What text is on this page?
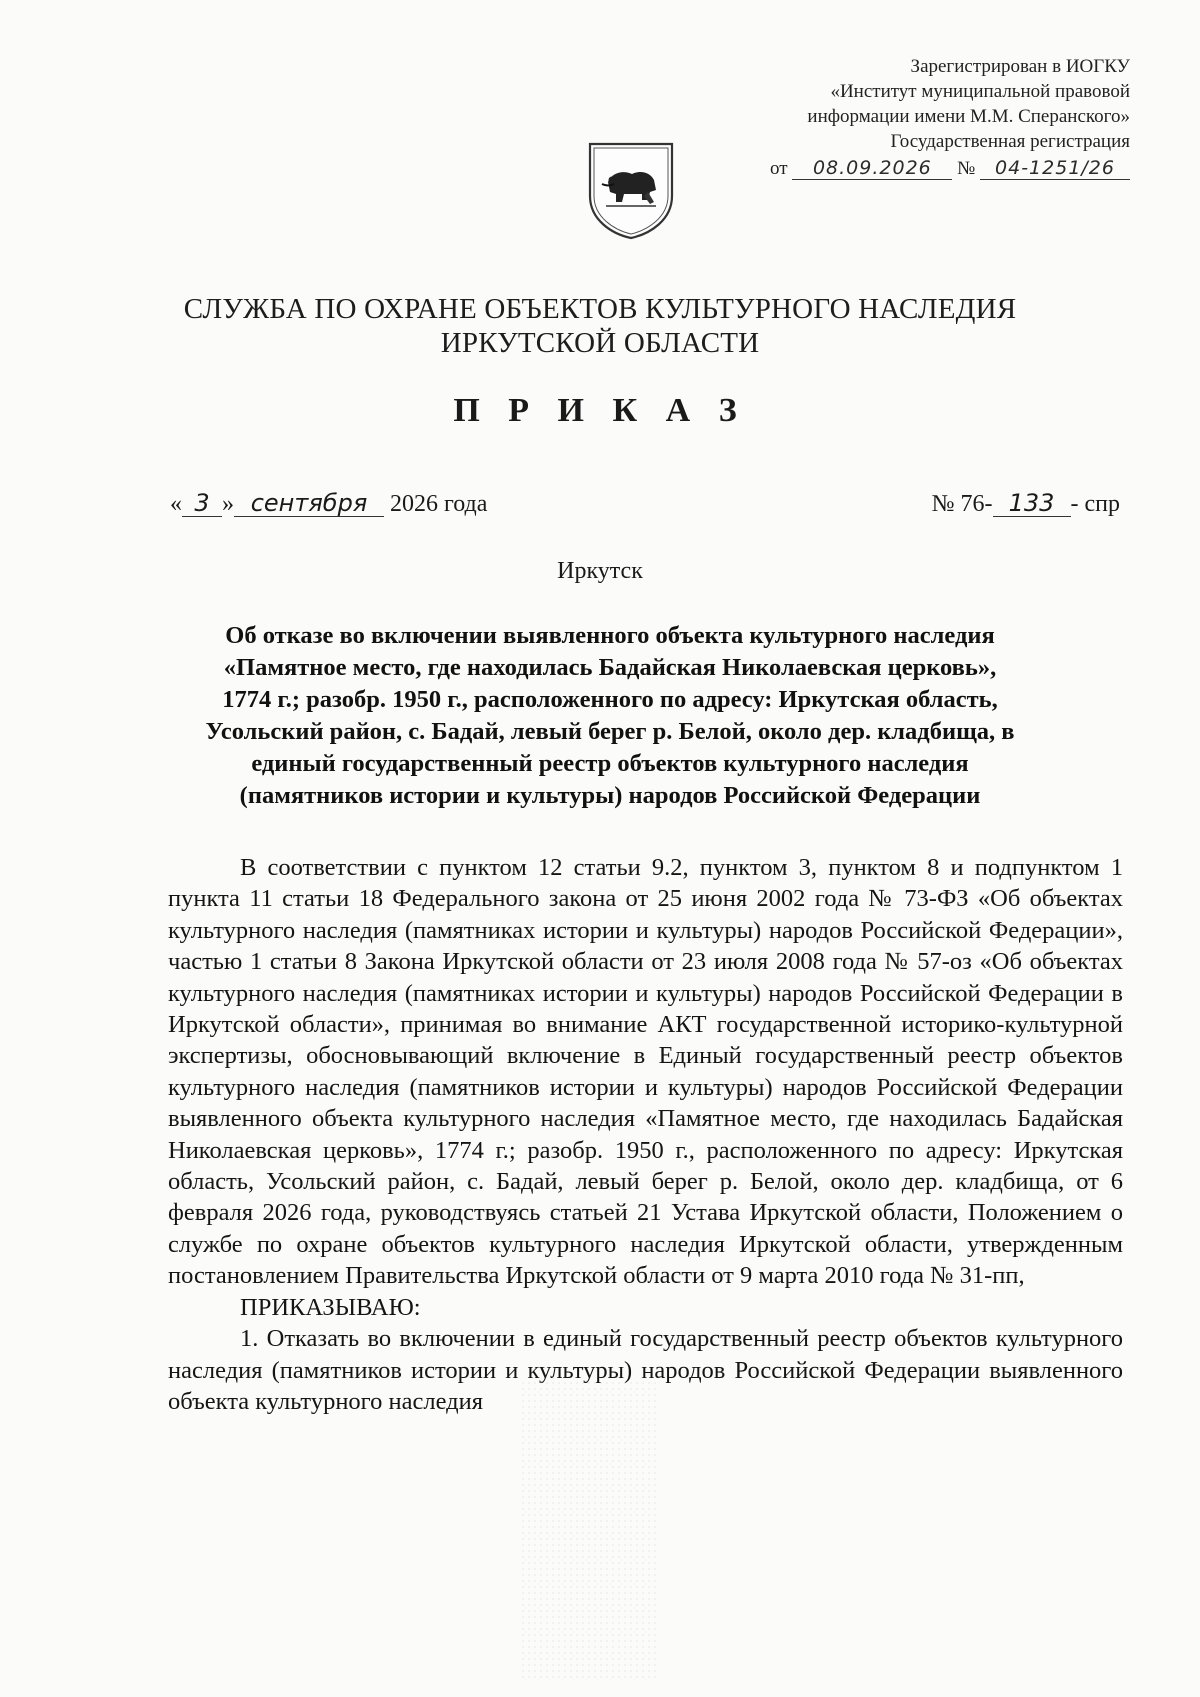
Зарегистрирован в ИОГКУ
«Институт муниципальной правовой
информации имени М.М. Сперанского»
Государственная регистрация
от 08.09.2026 № 04-1251/26
СЛУЖБА ПО ОХРАНЕ ОБЪЕКТОВ КУЛЬТУРНОГО НАСЛЕДИЯ
ИРКУТСКОЙ ОБЛАСТИ
П Р И К А З
« 3 » сентября 2026 года	№ 76- 133 - спр
Иркутск
Об отказе во включении выявленного объекта культурного наследия
«Памятное место, где находилась Бадайская Николаевская церковь»,
1774 г.; разобр. 1950 г., расположенного по адресу: Иркутская область,
Усольский район, с. Бадай, левый берег р. Белой, около дер. кладбища, в
единый государственный реестр объектов культурного наследия
(памятников истории и культуры) народов Российской Федерации

В соответствии с пунктом 12 статьи 9.2, пунктом 3, пунктом 8 и подпунктом 1 пункта 11 статьи 18 Федерального закона от 25 июня 2002 года № 73-ФЗ «Об объектах культурного наследия (памятниках истории и культуры) народов Российской Федерации», частью 1 статьи 8 Закона Иркутской области от 23 июля 2008 года № 57-оз «Об объектах культурного наследия (памятниках истории и культуры) народов Российской Федерации в Иркутской области», принимая во внимание АКТ государственной историко-культурной экспертизы, обосновывающий включение в Единый государственный реестр объектов культурного наследия (памятников истории и культуры) народов Российской Федерации выявленного объекта культурного наследия «Памятное место, где находилась Бадайская Николаевская церковь», 1774 г.; разобр. 1950 г., расположенного по адресу: Иркутская область, Усольский район, с. Бадай, левый берег р. Белой, около дер. кладбища, от 6 февраля 2026 года, руководствуясь статьей 21 Устава Иркутской области, Положением о службе по охране объектов культурного наследия Иркутской области, утвержденным постановлением Правительства Иркутской области от 9 марта 2010 года № 31-пп,

ПРИКАЗЫВАЮ:

1. Отказать во включении в единый государственный реестр объектов культурного наследия (памятников истории и культуры) народов Российской Федерации выявленного объекта культурного наследия
